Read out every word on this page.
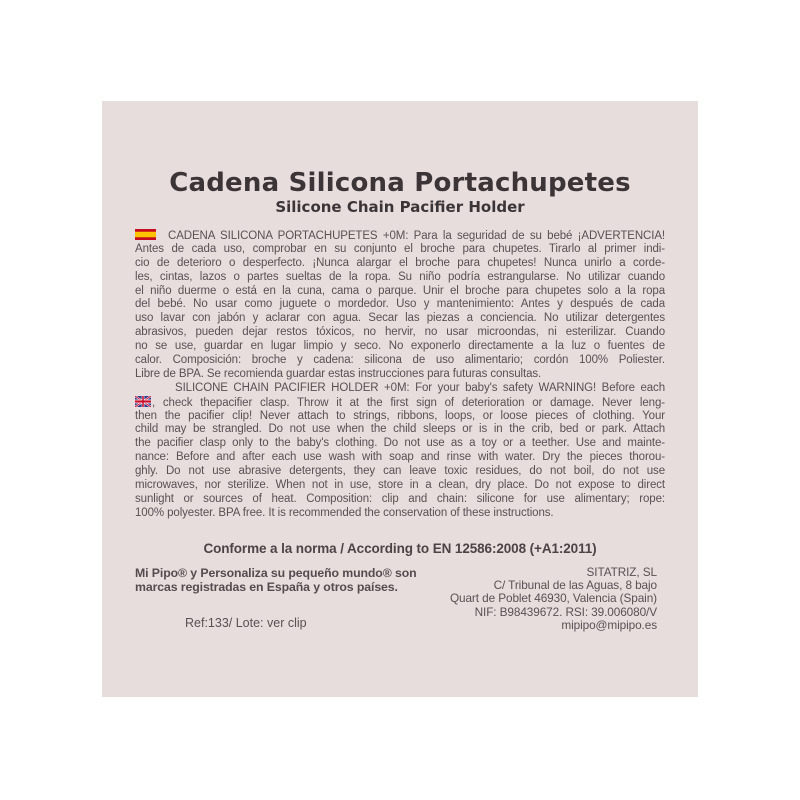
Cadena Silicona Portachupetes
Silicone Chain Pacifier Holder
CADENA SILICONA PORTACHUPETES +0M: Para la seguridad de su bebé ¡ADVERTENCIA!
Antes de cada uso, comprobar en su conjunto el broche para chupetes. Tirarlo al primer indi-
cio de deterioro o desperfecto. ¡Nunca alargar el broche para chupetes! Nunca unirlo a corde-
les, cintas, lazos o partes sueltas de la ropa. Su niño podría estrangularse. No utilizar cuando
el niño duerme o está en la cuna, cama o parque. Unir el broche para chupetes solo a la ropa
del bebé. No usar como juguete o mordedor. Uso y mantenimiento: Antes y después de cada
uso lavar con jabón y aclarar con agua. Secar las piezas a conciencia. No utilizar detergentes
abrasivos, pueden dejar restos tóxicos, no hervir, no usar microondas, ni esterilizar. Cuando
no se use, guardar en lugar limpio y seco. No exponerlo directamente a la luz o fuentes de
calor. Composición: broche y cadena: silicona de uso alimentario; cordón 100% Poliester.
Libre de BPA. Se recomienda guardar estas instrucciones para futuras consultas.
SILICONE CHAIN PACIFIER HOLDER +0M: For your baby's safety WARNING! Before each
, check thepacifier clasp. Throw it at the first sign of deterioration or damage. Never leng-
then the pacifier clip! Never attach to strings, ribbons, loops, or loose pieces of clothing. Your
child may be strangled. Do not use when the child sleeps or is in the crib, bed or park. Attach
the pacifier clasp only to the baby's clothing. Do not use as a toy or a teether. Use and mainte-
nance: Before and after each use wash with soap and rinse with water. Dry the pieces thorou-
ghly. Do not use abrasive detergents, they can leave toxic residues, do not boil, do not use
microwaves, nor sterilize. When not in use, store in a clean, dry place. Do not expose to direct
sunlight or sources of heat. Composition: clip and chain: silicone for use alimentary; rope:
100% polyester. BPA free. It is recommended the conservation of these instructions.
Conforme a la norma / According to EN 12586:2008 (+A1:2011)
Mi Pipo® y Personaliza su pequeño mundo® son
marcas registradas en España y otros países.
Ref:133/ Lote: ver clip
SITATRIZ, SL
C/ Tribunal de las Aguas, 8 bajo
Quart de Poblet 46930, Valencia (Spain)
NIF: B98439672. RSI: 39.006080/V
mipipo@mipipo.es
